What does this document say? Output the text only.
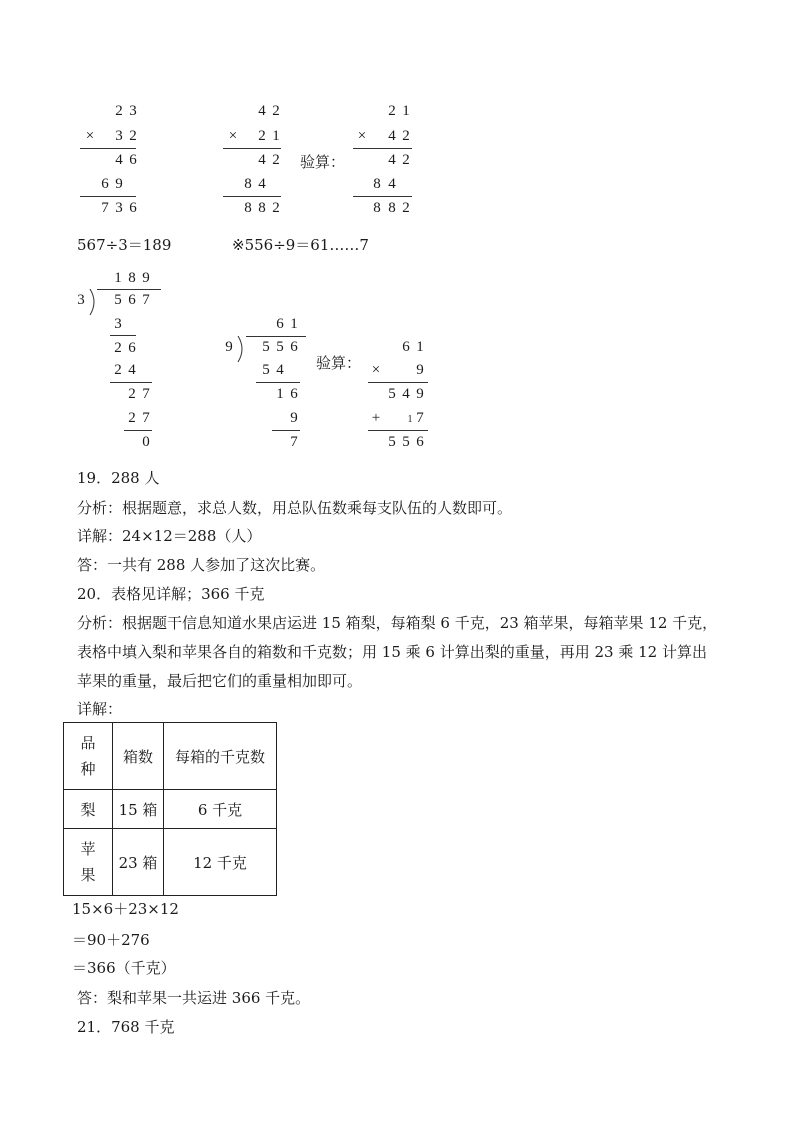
2 3
× 3 2
4 6
6 9
7 3 6
4 2
× 2 1
4 2
8 4
8 8 2
验算：
2 1
× 4 2
4 2
8 4
8 8 2
567÷3＝189	※556÷9＝61……7
1 8 9
3 5 6 7
3
2 6
2 4
2 7
2 7
0
6 1
9 5 5 6
5 4
1 6
9
7
验算：
6 1
× 9
5 4 9
+	1 7
5 5 6
19．288 人
分析：根据题意，求总人数，用总队伍数乘每支队伍的人数即可。
详解：24×12＝288（人）
答：一共有 288 人参加了这次比赛。
20．表格见详解；366 千克
分析：根据题干信息知道水果店运进 15 箱梨，每箱梨 6 千克，23 箱苹果，每箱苹果 12 千克，
表格中填入梨和苹果各自的箱数和千克数；用 15 乘 6 计算出梨的重量，再用 23 乘 12 计算出
苹果的重量，最后把它们的重量相加即可。
详解：
品种	箱数	每箱的千克数
梨	15 箱	6 千克

苹果	23 箱	12 千克
15×6＋23×12
＝90＋276
＝366（千克）
答：梨和苹果一共运进 366 千克。
21．768 千克
